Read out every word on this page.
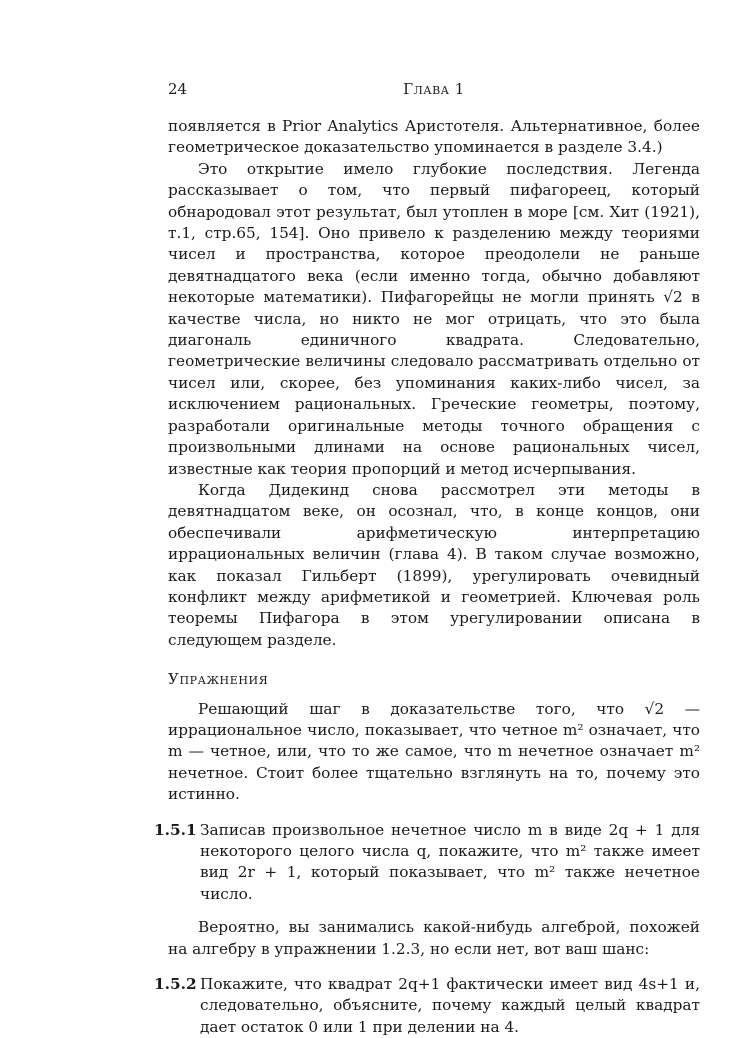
24	Глава 1

появляется в Prior Analytics Аристотеля. Альтернативное, более геометрическое доказательство упоминается в разделе 3.4.)

Это открытие имело глубокие последствия. Легенда рассказывает о том, что первый пифагореец, который обнародовал этот результат, был утоплен в море [см. Хит (1921), т.1, стр.65, 154]. Оно привело к разделению между теориями чисел и пространства, которое преодолели не раньше девятнадцатого века (если именно тогда, обычно добавляют некоторые математики). Пифагорейцы не могли принять √2 в качестве числа, но никто не мог отрицать, что это была диагональ единичного квадрата. Следовательно, геометрические величины следовало рассматривать отдельно от чисел или, скорее, без упоминания каких-либо чисел, за исключением рациональных. Греческие геометры, поэтому, разработали оригинальные методы точного обращения с произвольными длинами на основе рациональных чисел, известные как теория пропорций и метод исчерпывания.

Когда Дидекинд снова рассмотрел эти методы в девятнадцатом веке, он осознал, что, в конце концов, они обеспечивали арифметическую интерпретацию иррациональных величин (глава 4). В таком случае возможно, как показал Гильберт (1899), урегулировать очевидный конфликт между арифметикой и геометрией. Ключевая роль теоремы Пифагора в этом урегулировании описана в следующем разделе.

Упражнения

Решающий шаг в доказательстве того, что √2 — иррациональное число, показывает, что четное m² означает, что m — четное, или, что то же самое, что m нечетное означает m² нечетное. Стоит более тщательно взглянуть на то, почему это истинно.

1.5.1 Записав произвольное нечетное число m в виде 2q + 1 для некоторого целого числа q, покажите, что m² также имеет вид 2r + 1, который показывает, что m² также нечетное число.

Вероятно, вы занимались какой-нибудь алгеброй, похожей на алгебру в упражнении 1.2.3, но если нет, вот ваш шанс:

1.5.2 Покажите, что квадрат 2q+1 фактически имеет вид 4s+1 и, следовательно, объясните, почему каждый целый квадрат дает остаток 0 или 1 при делении на 4.
